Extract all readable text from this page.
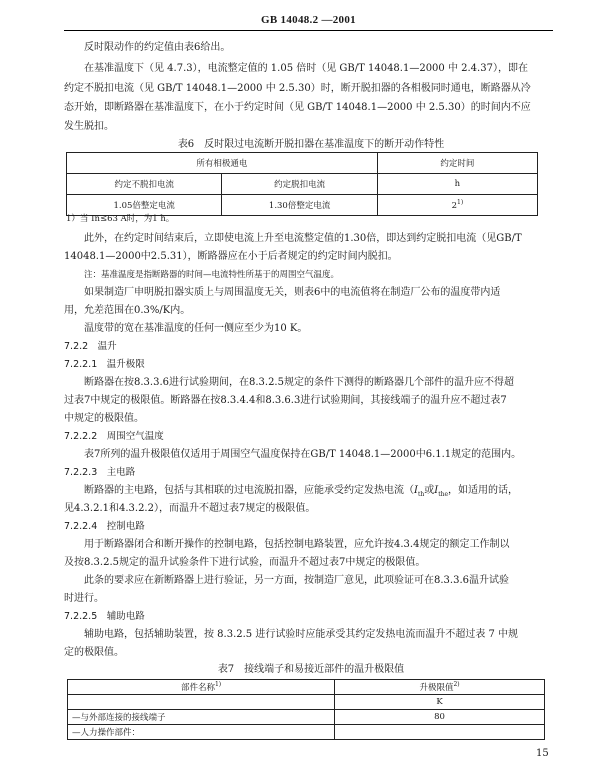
GB 14048.2 —2001
反时限动作的约定值由表6给出。
在基准温度下（见 4.7.3），电流整定值的 1.05 倍时（见 GB/T 14048.1—2000 中 2.4.37），即在
约定不脱扣电流（见 GB/T 14048.1—2000 中 2.5.30）时，断开脱扣器的各相极同时通电，断路器从冷
态开始，即断路器在基准温度下，在小于约定时间（见 GB/T 14048.1—2000 中 2.5.30）的时间内不应
发生脱扣。
表6　反时限过电流断开脱扣器在基准温度下的断开动作特性
所有相极通电		约定时间
约定不脱扣电流	约定脱扣电流	h
1.05倍整定电流	1.30倍整定电流	2$^{1)}$
1）当 In≤63 A时，为1 h。
此外，在约定时间结束后，立即使电流上升至电流整定值的1.30倍，即达到约定脱扣电流（见GB/T
14048.1—2000中2.5.31），断路器应在小于后者规定的约定时间内脱扣。
注：基准温度是指断路器的时间—电流特性所基于的周围空气温度。
如果制造厂申明脱扣器实质上与周围温度无关，则表6中的电流值将在制造厂公布的温度带内适
用，允差范围在0.3%/K内。
温度带的宽在基准温度的任何一侧应至少为10 K。
7.2.2　温升
7.2.2.1　温升极限
断路器在按8.3.3.6进行试验期间，在8.3.2.5规定的条件下测得的断路器几个部件的温升应不得超
过表7中规定的极限值。断路器在按8.3.4.4和8.3.6.3进行试验期间，其接线端子的温升应不超过表7
中规定的极限值。
7.2.2.2　周围空气温度
表7所列的温升极限值仅适用于周围空气温度保持在GB/T 14048.1—2000中6.1.1规定的范围内。
7.2.2.3　主电路
断路器的主电路，包括与其相联的过电流脱扣器，应能承受约定发热电流（$I_{th}$或$I_{the}$，如适用的话，
见4.3.2.1和4.3.2.2），而温升不超过表7规定的极限值。
7.2.2.4　控制电路
用于断路器闭合和断开操作的控制电路，包括控制电路装置，应允许按4.3.4规定的额定工作制以
及按8.3.2.5规定的温升试验条件下进行试验，而温升不超过表7中规定的极限值。
此条的要求应在新断路器上进行验证，另一方面，按制造厂意见，此项验证可在8.3.3.6温升试验
时进行。
7.2.2.5　辅助电路
辅助电路，包括辅助装置，按 8.3.2.5 进行试验时应能承受其约定发热电流而温升不超过表 7 中规
定的极限值。
表7　接线端子和易接近部件的温升极限值
部件名称$^{1)}$	升极限值$^{2)}$
	K
—与外部连接的接线端子	80
—人力操作部件：	
15
